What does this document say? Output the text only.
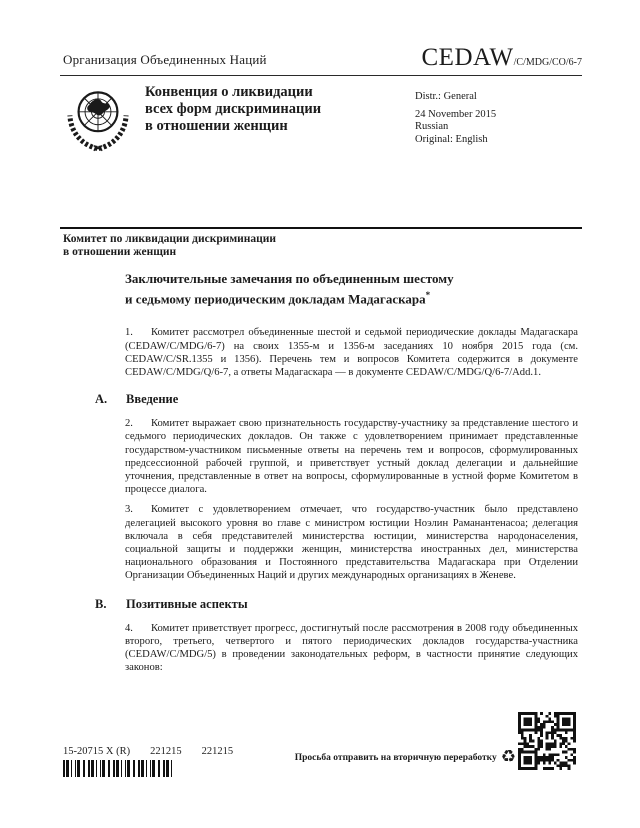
Организация Объединенных Наций	CEDAW/C/MDG/CO/6-7
Конвенция о ликвидации
всех форм дискриминации
в отношении женщин
Distr.: General
24 November 2015
Russian
Original: English
Комитет по ликвидации дискриминации
в отношении женщин
Заключительные замечания по объединенным шестому
и седьмому периодическим докладам Мадагаскара*

1. Комитет рассмотрел объединенные шестой и седьмой периодические доклады Мадагаскара (CEDAW/C/MDG/6-7) на своих 1355-м и 1356-м заседаниях 10 ноября 2015 года (см. CEDAW/C/SR.1355 и 1356). Перечень тем и вопросов Комитета содержится в документе CEDAW/C/MDG/Q/6-7, а ответы Мадагаскара — в документе CEDAW/C/MDG/Q/6-7/Add.1.

A. Введение

2. Комитет выражает свою признательность государству-участнику за представление шестого и седьмого периодических докладов. Он также с удовлетворением принимает представленные государством-участником письменные ответы на перечень тем и вопросов, сформулированных предсессионной рабочей группой, и приветствует устный доклад делегации и дальнейшие уточнения, представленные в ответ на вопросы, сформулированные в устной форме Комитетом в процессе диалога.

3. Комитет с удовлетворением отмечает, что государство-участник было представлено делегацией высокого уровня во главе с министром юстиции Ноэлин Раманантенасоа; делегация включала в себя представителей министерства юстиции, министерства народонаселения, социальной защиты и поддержки женщин, министерства иностранных дел, министерства национального образования и Постоянного представительства Мадагаскара при Отделении Организации Объединенных Наций и других международных организациях в Женеве.

B. Позитивные аспекты

4. Комитет приветствует прогресс, достигнутый после рассмотрения в 2008 году объединенных второго, третьего, четвертого и пятого периодических докладов государства-участника (CEDAW/C/MDG/5) в проведении законодательных реформ, в частности принятие следующих законов:

15-20715 X (R) 221215 221215
Просьба отправить на вторичную переработку ♻
